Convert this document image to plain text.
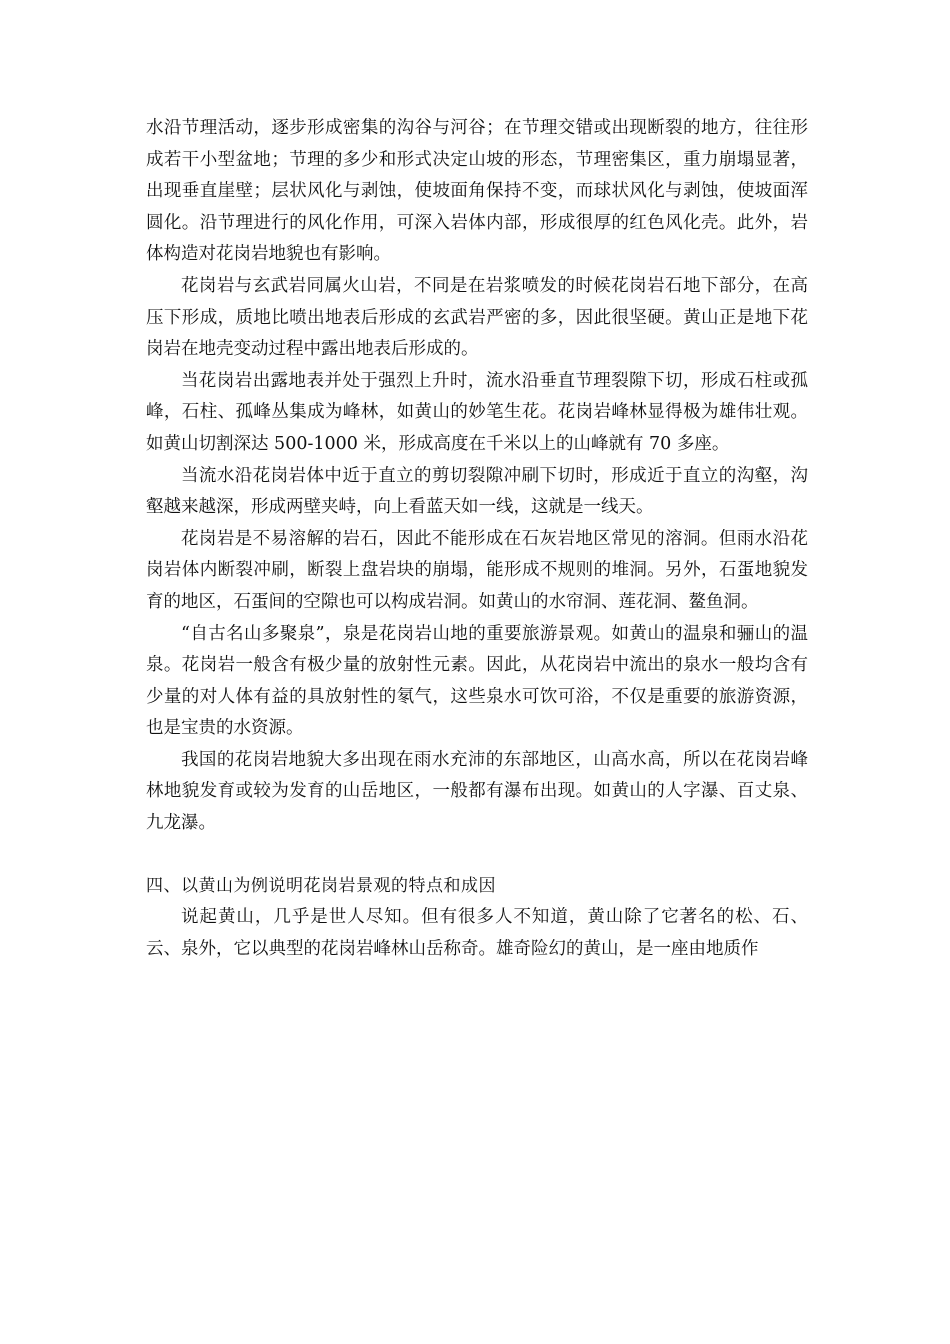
水沿节理活动，逐步形成密集的沟谷与河谷；在节理交错或出现断裂的地方，往往形成若干小型盆地；节理的多少和形式决定山坡的形态，节理密集区，重力崩塌显著，出现垂直崖壁；层状风化与剥蚀，使坡面角保持不变，而球状风化与剥蚀，使坡面浑圆化。沿节理进行的风化作用，可深入岩体内部，形成很厚的红色风化壳。此外，岩体构造对花岗岩地貌也有影响。

花岗岩与玄武岩同属火山岩，不同是在岩浆喷发的时候花岗岩石地下部分，在高压下形成，质地比喷出地表后形成的玄武岩严密的多，因此很坚硬。黄山正是地下花岗岩在地壳变动过程中露出地表后形成的。

当花岗岩出露地表并处于强烈上升时，流水沿垂直节理裂隙下切，形成石柱或孤峰，石柱、孤峰丛集成为峰林，如黄山的妙笔生花。花岗岩峰林显得极为雄伟壮观。如黄山切割深达 500-1000 米，形成高度在千米以上的山峰就有 70 多座。

当流水沿花岗岩体中近于直立的剪切裂隙冲刷下切时，形成近于直立的沟壑，沟壑越来越深，形成两壁夹峙，向上看蓝天如一线，这就是一线天。

花岗岩是不易溶解的岩石，因此不能形成在石灰岩地区常见的溶洞。但雨水沿花岗岩体内断裂冲刷，断裂上盘岩块的崩塌，能形成不规则的堆洞。另外，石蛋地貌发育的地区，石蛋间的空隙也可以构成岩洞。如黄山的水帘洞、莲花洞、鳌鱼洞。

“自古名山多聚泉”，泉是花岗岩山地的重要旅游景观。如黄山的温泉和骊山的温泉。花岗岩一般含有极少量的放射性元素。因此，从花岗岩中流出的泉水一般均含有少量的对人体有益的具放射性的氡气，这些泉水可饮可浴，不仅是重要的旅游资源，也是宝贵的水资源。

我国的花岗岩地貌大多出现在雨水充沛的东部地区，山高水高，所以在花岗岩峰林地貌发育或较为发育的山岳地区，一般都有瀑布出现。如黄山的人字瀑、百丈泉、九龙瀑。

四、以黄山为例说明花岗岩景观的特点和成因

说起黄山，几乎是世人尽知。但有很多人不知道，黄山除了它著名的松、石、云、泉外，它以典型的花岗岩峰林山岳称奇。雄奇险幻的黄山，是一座由地质作
